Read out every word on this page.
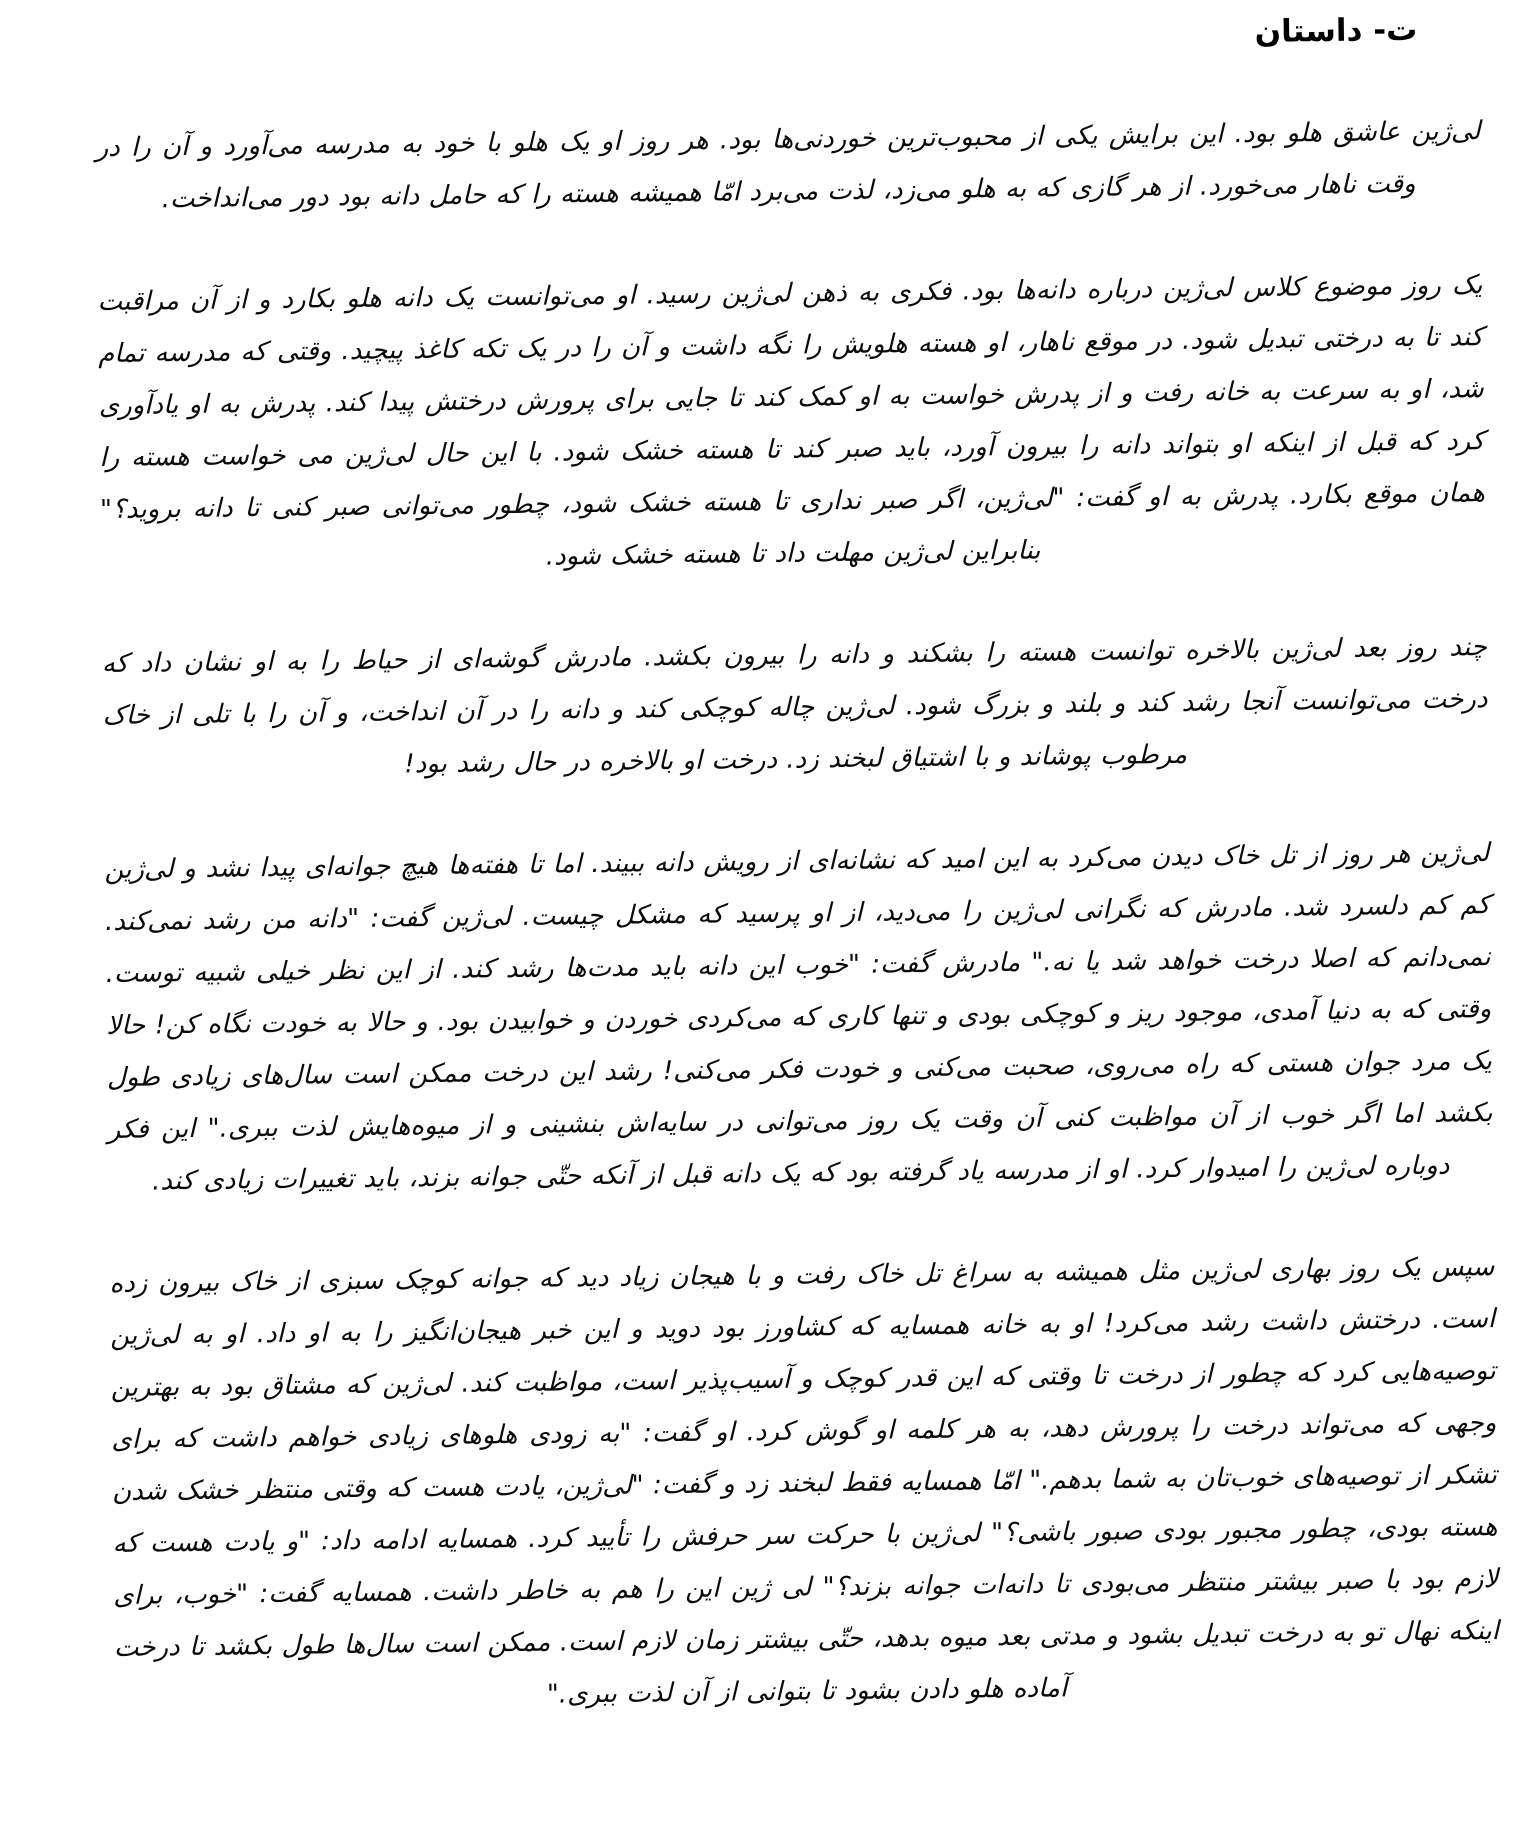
ت- داستان

لی‌ژین عاشق هلو بود. این برایش یکی از محبوب‌ترین خوردنی‌ها بود. هر روز او یک هلو با خود به مدرسه می‌آورد و آن را در وقت ناهار می‌خورد. از هر گازی که به هلو می‌زد، لذت می‌برد امّا همیشه هسته را که حامل دانه بود دور می‌انداخت.

یک روز موضوع کلاس لی‌ژین درباره دانه‌ها بود. فکری به ذهن لی‌ژین رسید. او می‌توانست یک دانه هلو بکارد و از آن مراقبت کند تا به درختی تبدیل شود. در موقع ناهار، او هسته هلویش را نگه داشت و آن را در یک تکه کاغذ پیچید. وقتی که مدرسه تمام شد، او به سرعت به خانه رفت و از پدرش خواست به او کمک کند تا جایی برای پرورش درختش پیدا کند. پدرش به او یادآوری کرد که قبل از اینکه او بتواند دانه را بیرون آورد، باید صبر کند تا هسته خشک شود. با این حال لی‌ژین می خواست هسته را همان موقع بکارد. پدرش به او گفت: "لی‌ژین، اگر صبر نداری تا هسته خشک شود، چطور می‌توانی صبر کنی تا دانه بروید؟" بنابراین لی‌ژین مهلت داد تا هسته خشک شود.

چند روز بعد لی‌ژین بالاخره توانست هسته را بشکند و دانه را بیرون بکشد. مادرش گوشه‌ای از حیاط را به او نشان داد که درخت می‌توانست آنجا رشد کند و بلند و بزرگ شود. لی‌ژین چاله کوچکی کند و دانه را در آن انداخت، و آن را با تلی از خاک مرطوب پوشاند و با اشتیاق لبخند زد. درخت او بالاخره در حال رشد بود!

لی‌ژین هر روز از تل خاک دیدن می‌کرد به این امید که نشانه‌ای از رویش دانه ببیند. اما تا هفته‌ها هیچ جوانه‌ای پیدا نشد و لی‌ژین کم کم دلسرد شد. مادرش که نگرانی لی‌ژین را می‌دید، از او پرسید که مشکل چیست. لی‌ژین گفت: "دانه من رشد نمی‌کند. نمی‌دانم که اصلا درخت خواهد شد یا نه." مادرش گفت: "خوب این دانه باید مدت‌ها رشد کند. از این نظر خیلی شبیه توست. وقتی که به دنیا آمدی، موجود ریز و کوچکی بودی و تنها کاری که می‌کردی خوردن و خوابیدن بود. و حالا به خودت نگاه کن! حالا یک مرد جوان هستی که راه می‌روی، صحبت می‌کنی و خودت فکر می‌کنی! رشد این درخت ممکن است سال‌های زیادی طول بکشد اما اگر خوب از آن مواظبت کنی آن وقت یک روز می‌توانی در سایه‌اش بنشینی و از میوه‌هایش لذت ببری." این فکر دوباره لی‌ژین را امیدوار کرد. او از مدرسه یاد گرفته بود که یک دانه قبل از آنکه حتّی جوانه بزند، باید تغییرات زیادی کند.

سپس یک روز بهاری لی‌ژین مثل همیشه به سراغ تل خاک رفت و با هیجان زیاد دید که جوانه کوچک سبزی از خاک بیرون زده است. درختش داشت رشد می‌کرد! او به خانه همسایه که کشاورز بود دوید و این خبر هیجان‌انگیز را به او داد. او به لی‌ژین توصیه‌هایی کرد که چطور از درخت تا وقتی که این قدر کوچک و آسیب‌پذیر است، مواظبت کند. لی‌ژین که مشتاق بود به بهترین وجهی که می‌تواند درخت را پرورش دهد، به هر کلمه او گوش کرد. او گفت: "به زودی هلوهای زیادی خواهم داشت که برای تشکر از توصیه‌های خوب‌تان به شما بدهم." امّا همسایه فقط لبخند زد و گفت: "لی‌ژین، یادت هست که وقتی منتظر خشک شدن هسته بودی، چطور مجبور بودی صبور باشی؟" لی‌ژین با حرکت سر حرفش را تأیید کرد. همسایه ادامه داد: "و یادت هست که لازم بود با صبر بیشتر منتظر می‌بودی تا دانه‌ات جوانه بزند؟" لی ژین این را هم به خاطر داشت. همسایه گفت: "خوب، برای اینکه نهال تو به درخت تبدیل بشود و مدتی بعد میوه بدهد، حتّی بیشتر زمان لازم است. ممکن است سال‌ها طول بکشد تا درخت آماده هلو دادن بشود تا بتوانی از آن لذت ببری."
